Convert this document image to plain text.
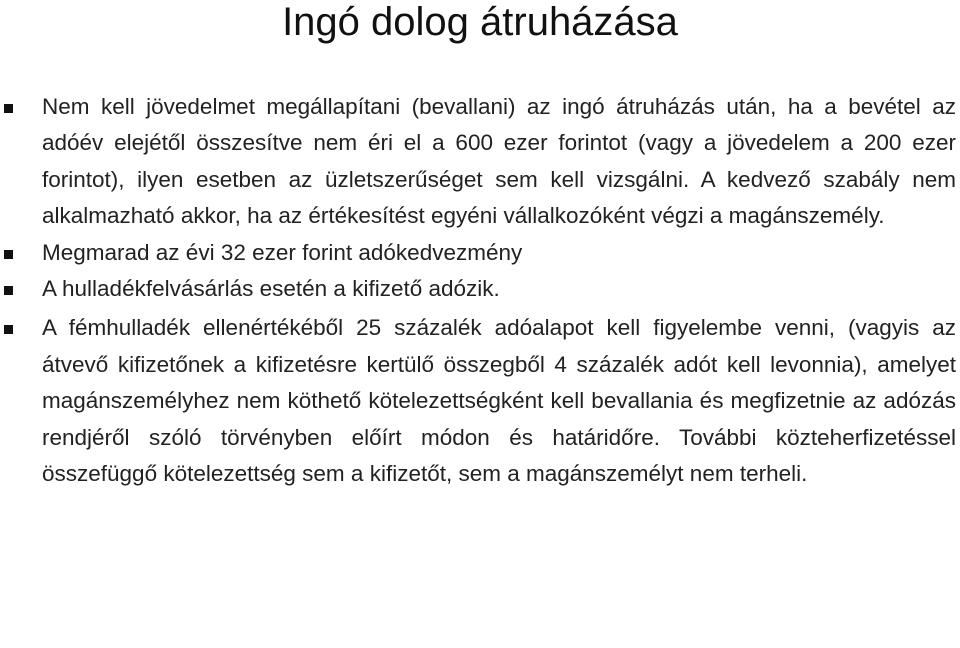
Ingó dolog átruházása
Nem kell jövedelmet megállapítani (bevallani) az ingó átruházás után, ha a bevétel az adóév elejétől összesítve nem éri el a 600 ezer forintot (vagy a jövedelem a 200 ezer forintot), ilyen esetben az üzletszerűséget sem kell vizsgálni. A kedvező szabály nem alkalmazható akkor, ha az értékesítést egyéni vállalkozóként végzi a magánszemély.
Megmarad az évi 32 ezer forint adókedvezmény
A hulladékfelvásárlás esetén a kifizető adózik.
A fémhulladék ellenértékéből 25 százalék adóalapot kell figyelembe venni, (vagyis az átvevő kifizetőnek a kifizetésre kertülő összegből 4 százalék adót kell levonnia), amelyet magánszemélyhez nem köthető kötelezettségként kell bevallania és megfizetnie az adózás rendjéről szóló törvényben előírt módon és határidőre. További közteherfizetéssel összefüggő kötelezettség sem a kifizetőt, sem a magánszemélyt nem terheli.
